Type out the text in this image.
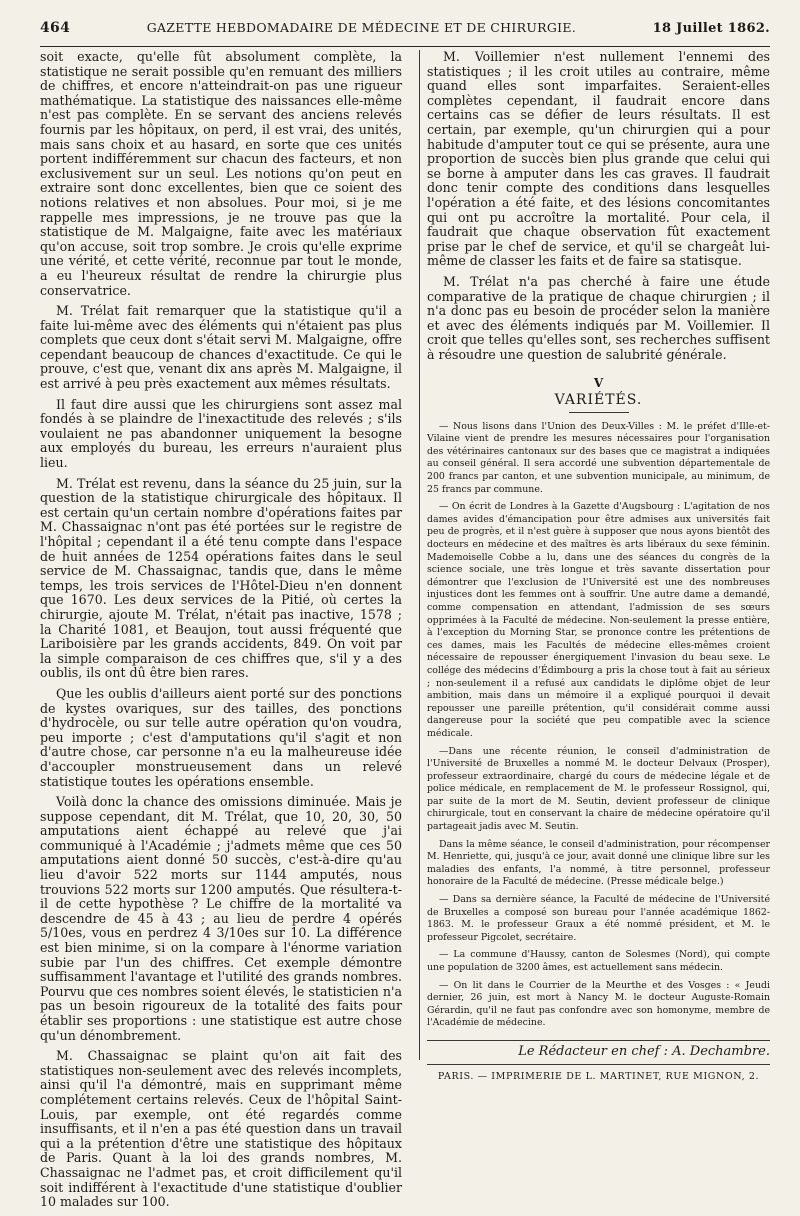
464	GAZETTE HEBDOMADAIRE DE MÉDECINE ET DE CHIRURGIE.	18 Juillet 1862.

soit exacte, qu'elle fût absolument complète, la statistique ne serait possible qu'en remuant des milliers de chiffres, et encore n'atteindrait-on pas une rigueur mathématique. La statistique des naissances elle-même n'est pas complète. En se servant des anciens relevés fournis par les hôpitaux, on perd, il est vrai, des unités, mais sans choix et au hasard, en sorte que ces unités portent indifféremment sur chacun des facteurs, et non exclusivement sur un seul. Les notions qu'on peut en extraire sont donc excellentes, bien que ce soient des notions relatives et non absolues. Pour moi, si je me rappelle mes impressions, je ne trouve pas que la statistique de M. Malgaigne, faite avec les matériaux qu'on accuse, soit trop sombre. Je crois qu'elle exprime une vérité, et cette vérité, reconnue par tout le monde, a eu l'heureux résultat de rendre la chirurgie plus conservatrice.

M. Trélat fait remarquer que la statistique qu'il a faite lui-même avec des éléments qui n'étaient pas plus complets que ceux dont s'était servi M. Malgaigne, offre cependant beaucoup de chances d'exactitude. Ce qui le prouve, c'est que, venant dix ans après M. Malgaigne, il est arrivé à peu près exactement aux mêmes résultats.

Il faut dire aussi que les chirurgiens sont assez mal fondés à se plaindre de l'inexactitude des relevés ; s'ils voulaient ne pas abandonner uniquement la besogne aux employés du bureau, les erreurs n'auraient plus lieu.

M. Trélat est revenu, dans la séance du 25 juin, sur la question de la statistique chirurgicale des hôpitaux. Il est certain qu'un certain nombre d'opérations faites par M. Chassaignac n'ont pas été portées sur le registre de l'hôpital ; cependant il a été tenu compte dans l'espace de huit années de 1254 opérations faites dans le seul service de M. Chassaignac, tandis que, dans le même temps, les trois services de l'Hôtel-Dieu n'en donnent que 1670. Les deux services de la Pitié, où certes la chirurgie, ajoute M. Trélat, n'était pas inactive, 1578 ; la Charité 1081, et Beaujon, tout aussi fréquenté que Lariboisière par les grands accidents, 849. On voit par la simple comparaison de ces chiffres que, s'il y a des oublis, ils ont dû être bien rares.

Que les oublis d'ailleurs aient porté sur des ponctions de kystes ovariques, sur des tailles, des ponctions d'hydrocèle, ou sur telle autre opération qu'on voudra, peu importe ; c'est d'amputations qu'il s'agit et non d'autre chose, car personne n'a eu la malheureuse idée d'accoupler monstrueusement dans un relevé statistique toutes les opérations ensemble.

Voilà donc la chance des omissions diminuée. Mais je suppose cependant, dit M. Trélat, que 10, 20, 30, 50 amputations aient échappé au relevé que j'ai communiqué à l'Académie ; j'admets même que ces 50 amputations aient donné 50 succès, c'est-à-dire qu'au lieu d'avoir 522 morts sur 1144 amputés, nous trouvions 522 morts sur 1200 amputés. Que résultera-t-il de cette hypothèse ? Le chiffre de la mortalité va descendre de 45 à 43 ; au lieu de perdre 4 opérés 5/10es, vous en perdrez 4 3/10es sur 10. La différence est bien minime, si on la compare à l'énorme variation subie par l'un des chiffres. Cet exemple démontre suffisamment l'avantage et l'utilité des grands nombres. Pourvu que ces nombres soient élevés, le statisticien n'a pas un besoin rigoureux de la totalité des faits pour établir ses proportions : une statistique est autre chose qu'un dénombrement.

M. Chassaignac se plaint qu'on ait fait des statistiques non-seulement avec des relevés incomplets, ainsi qu'il l'a démontré, mais en supprimant même complétement certains relevés. Ceux de l'hôpital Saint-Louis, par exemple, ont été regardés comme insuffisants, et il n'en a pas été question dans un travail qui a la prétention d'être une statistique des hôpitaux de Paris. Quant à la loi des grands nombres, M. Chassaignac ne l'admet pas, et croit difficilement qu'il soit indifférent à l'exactitude d'une statistique d'oublier 10 malades sur 100.

M. Voillemier n'est nullement l'ennemi des statistiques ; il les croit utiles au contraire, même quand elles sont imparfaites. Seraient-elles complètes cependant, il faudrait encore dans certains cas se défier de leurs résultats. Il est certain, par exemple, qu'un chirurgien qui a pour habitude d'amputer tout ce qui se présente, aura une proportion de succès bien plus grande que celui qui se borne à amputer dans les cas graves. Il faudrait donc tenir compte des conditions dans lesquelles l'opération a été faite, et des lésions concomitantes qui ont pu accroître la mortalité. Pour cela, il faudrait que chaque observation fût exactement prise par le chef de service, et qu'il se chargeât lui-même de classer les faits et de faire sa statisque.

M. Trélat n'a pas cherché à faire une étude comparative de la pratique de chaque chirurgien ; il n'a donc pas eu besoin de procéder selon la manière et avec des éléments indiqués par M. Voillemier. Il croit que telles qu'elles sont, ses recherches suffisent à résoudre une question de salubrité générale.

V
VARIÉTÉS.

— Nous lisons dans l'Union des Deux-Villes : M. le préfet d'Ille-et-Vilaine vient de prendre les mesures nécessaires pour l'organisation des vétérinaires cantonaux sur des bases que ce magistrat a indiquées au conseil général. Il sera accordé une subvention départementale de 200 francs par canton, et une subvention municipale, au minimum, de 25 francs par commune.

— On écrit de Londres à la Gazette d'Augsbourg : L'agitation de nos dames avides d'émancipation pour être admises aux universités fait peu de progrès, et il n'est guère à supposer que nous ayons bientôt des docteurs en médecine et des maîtres ès arts libéraux du sexe féminin. Mademoiselle Cobbe a lu, dans une des séances du congrès de la science sociale, une très longue et très savante dissertation pour démontrer que l'exclusion de l'Université est une des nombreuses injustices dont les femmes ont à souffrir. Une autre dame a demandé, comme compensation en attendant, l'admission de ses sœurs opprimées à la Faculté de médecine. Non-seulement la presse entière, à l'exception du Morning Star, se prononce contre les prétentions de ces dames, mais les Facultés de médecine elles-mêmes croient nécessaire de repousser énergiquement l'invasion du beau sexe. Le collége des médecins d'Édimbourg a pris la chose tout à fait au sérieux ; non-seulement il a refusé aux candidats le diplôme objet de leur ambition, mais dans un mémoire il a expliqué pourquoi il devait repousser une pareille prétention, qu'il considérait comme aussi dangereuse pour la société que peu compatible avec la science médicale.

—Dans une récente réunion, le conseil d'administration de l'Université de Bruxelles a nommé M. le docteur Delvaux (Prosper), professeur extraordinaire, chargé du cours de médecine légale et de police médicale, en remplacement de M. le professeur Rossignol, qui, par suite de la mort de M. Seutin, devient professeur de clinique chirurgicale, tout en conservant la chaire de médecine opératoire qu'il partageait jadis avec M. Seutin.

Dans la même séance, le conseil d'administration, pour récompenser M. Henriette, qui, jusqu'à ce jour, avait donné une clinique libre sur les maladies des enfants, l'a nommé, à titre personnel, professeur honoraire de la Faculté de médecine. (Presse médicale belge.)

— Dans sa dernière séance, la Faculté de médecine de l'Université de Bruxelles a composé son bureau pour l'année académique 1862-1863. M. le professeur Graux a été nommé président, et M. le professeur Pigcolet, secrétaire.

— La commune d'Haussy, canton de Solesmes (Nord), qui compte une population de 3200 âmes, est actuellement sans médecin.

— On lit dans le Courrier de la Meurthe et des Vosges : « Jeudi dernier, 26 juin, est mort à Nancy M. le docteur Auguste-Romain Gérardin, qu'il ne faut pas confondre avec son homonyme, membre de l'Académie de médecine.

Le Rédacteur en chef : A. Dechambre.
PARIS. — IMPRIMERIE DE L. MARTINET, RUE MIGNON, 2.
